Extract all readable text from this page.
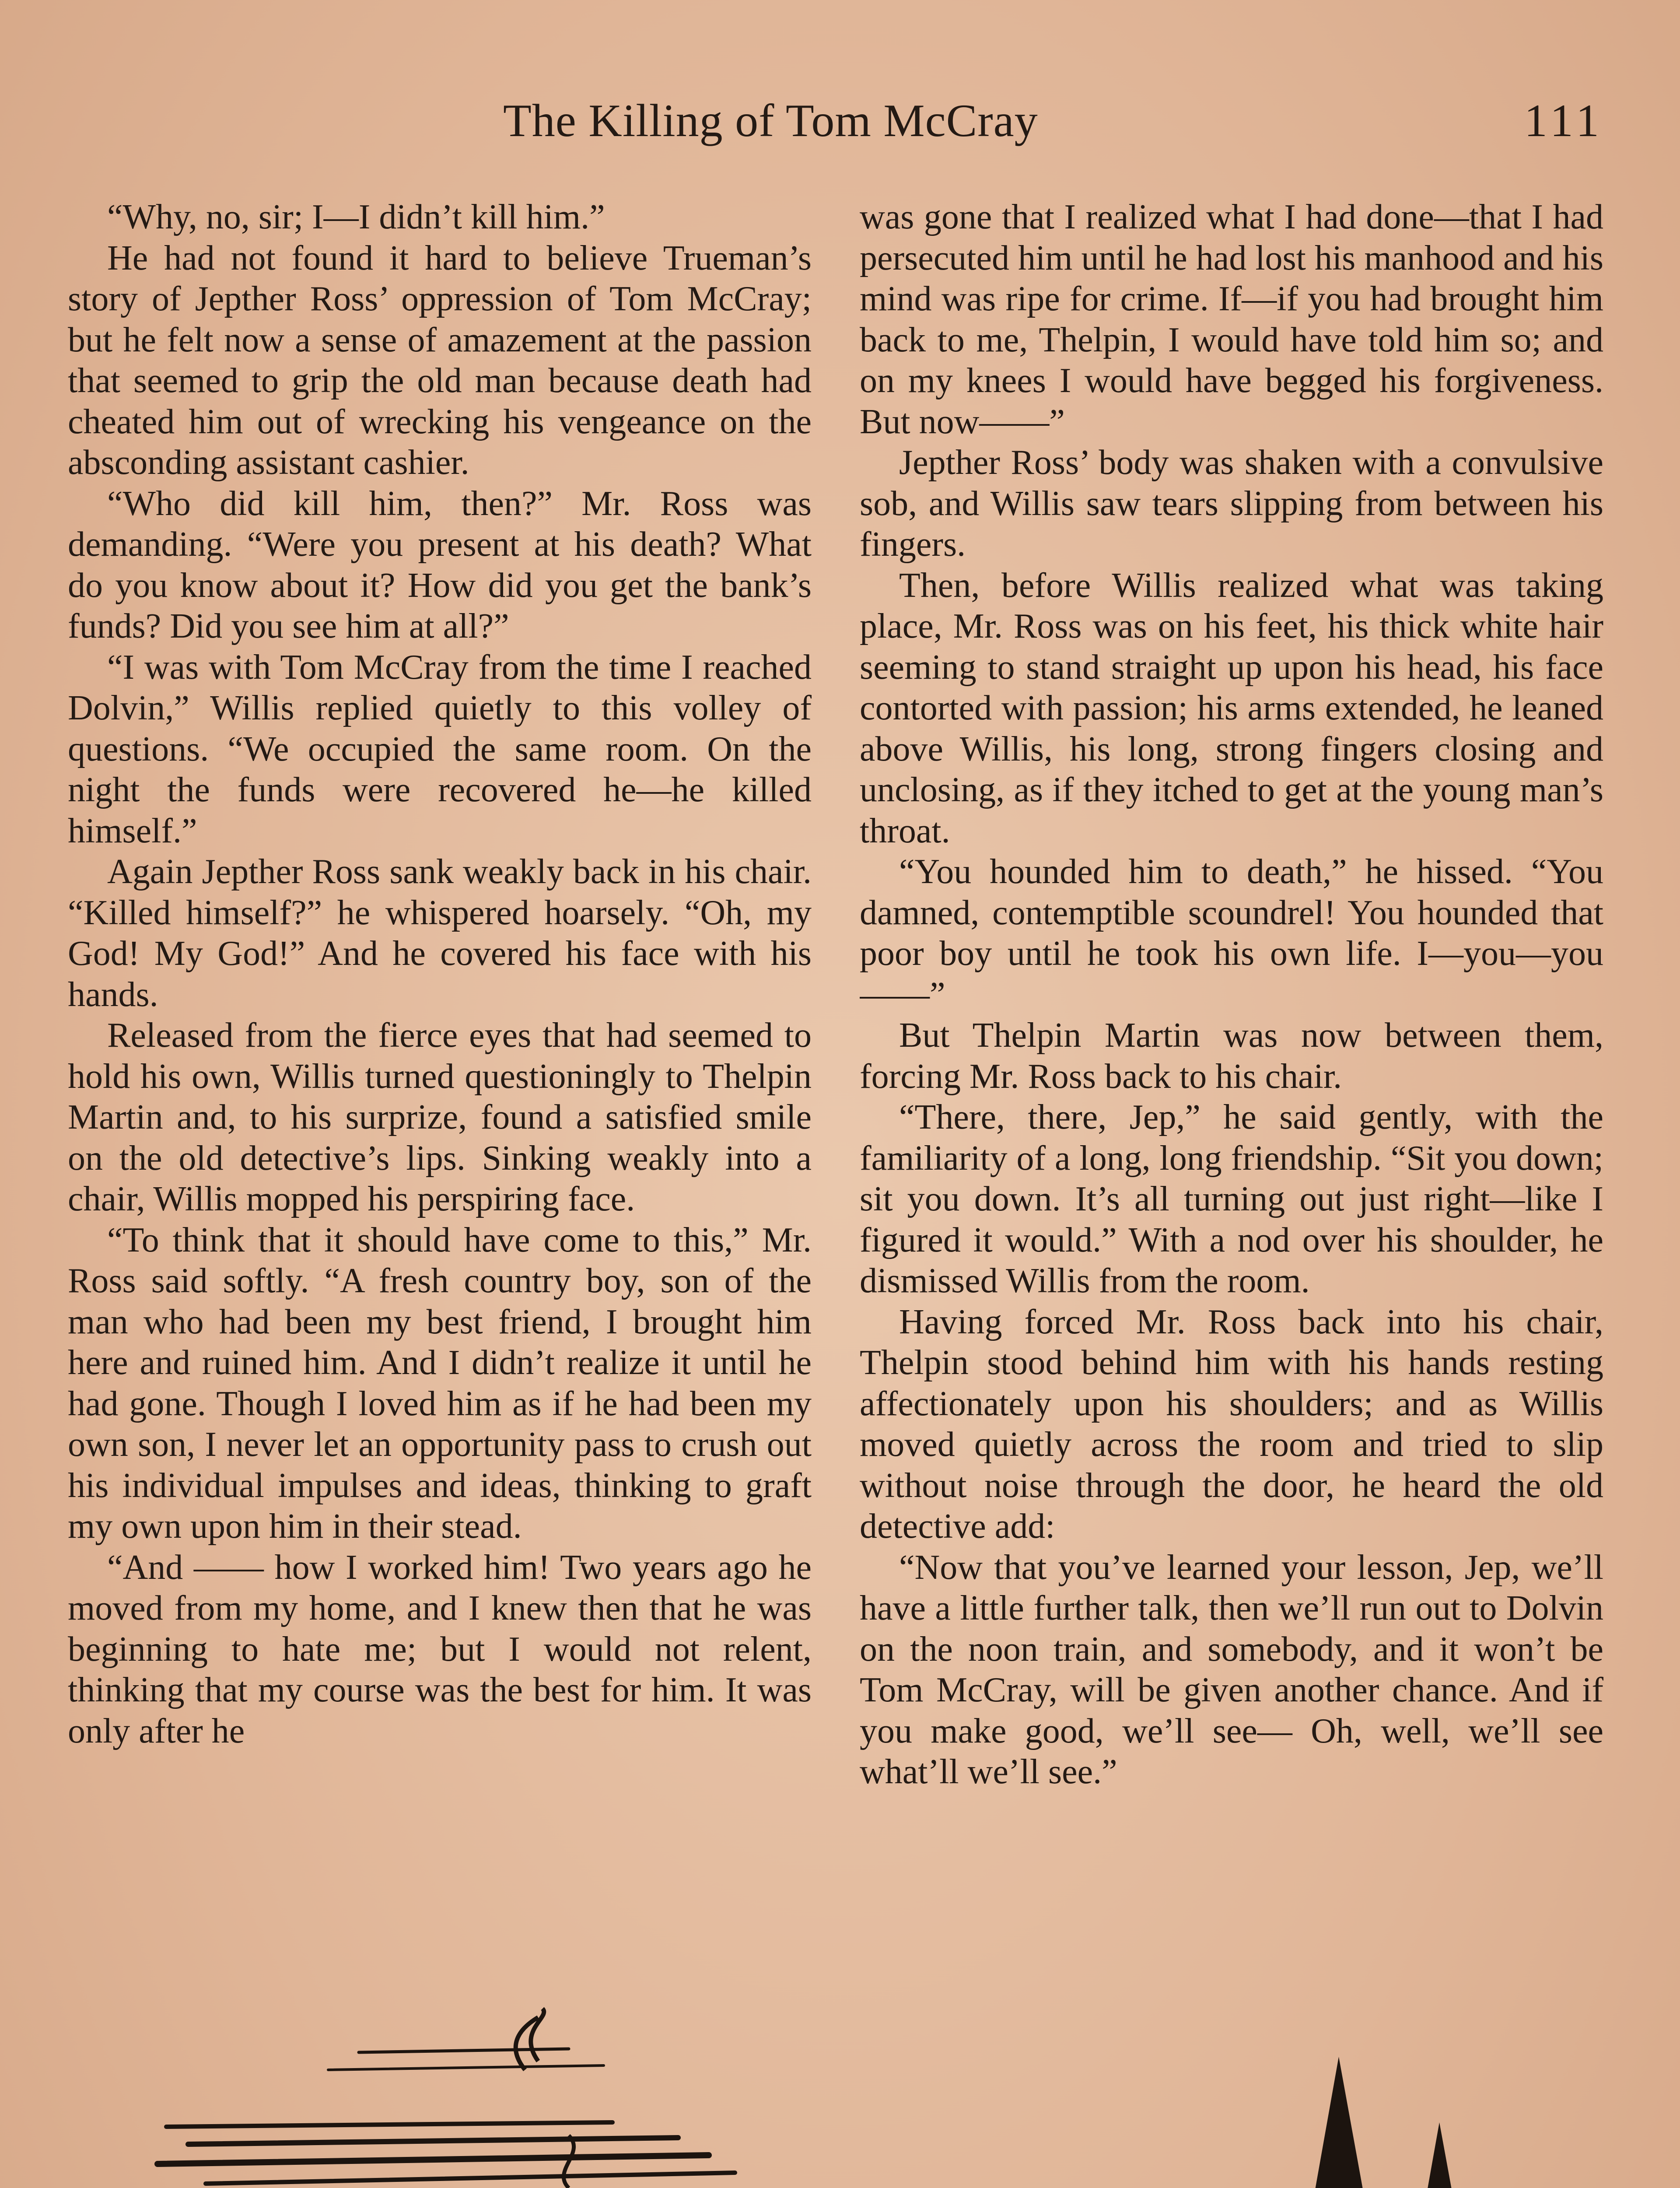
The Killing of Tom McCray	111

“Why, no, sir; I—I didn’t kill him.”

He had not found it hard to believe Trueman’s story of Jepther Ross’ oppression of Tom McCray; but he felt now a sense of amazement at the passion that seemed to grip the old man because death had cheated him out of wrecking his vengeance on the absconding assistant cashier.

“Who did kill him, then?” Mr. Ross was demanding. “Were you present at his death? What do you know about it? How did you get the bank’s funds? Did you see him at all?”

“I was with Tom McCray from the time I reached Dolvin,” Willis replied quietly to this volley of questions. “We occupied the same room. On the night the funds were recovered he—he killed himself.”

Again Jepther Ross sank weakly back in his chair. “Killed himself?” he whispered hoarsely. “Oh, my God! My God!” And he covered his face with his hands.

Released from the fierce eyes that had seemed to hold his own, Willis turned questioningly to Thelpin Martin and, to his surprize, found a satisfied smile on the old detective’s lips. Sinking weakly into a chair, Willis mopped his perspiring face.

“To think that it should have come to this,” Mr. Ross said softly. “A fresh country boy, son of the man who had been my best friend, I brought him here and ruined him. And I didn’t realize it until he had gone. Though I loved him as if he had been my own son, I never let an opportunity pass to crush out his individual impulses and ideas, thinking to graft my own upon him in their stead.

“And —— how I worked him! Two years ago he moved from my home, and I knew then that he was beginning to hate me; but I would not relent, thinking that my course was the best for him. It was only after he

was gone that I realized what I had done—that I had persecuted him until he had lost his manhood and his mind was ripe for crime. If—if you had brought him back to me, Thelpin, I would have told him so; and on my knees I would have begged his forgiveness. But now——”

Jepther Ross’ body was shaken with a convulsive sob, and Willis saw tears slipping from between his fingers.

Then, before Willis realized what was taking place, Mr. Ross was on his feet, his thick white hair seeming to stand straight up upon his head, his face contorted with passion; his arms extended, he leaned above Willis, his long, strong fingers closing and unclosing, as if they itched to get at the young man’s throat.

“You hounded him to death,” he hissed. “You damned, contemptible scoundrel! You hounded that poor boy until he took his own life. I—you—you——”

But Thelpin Martin was now between them, forcing Mr. Ross back to his chair.

“There, there, Jep,” he said gently, with the familiarity of a long, long friendship. “Sit you down; sit you down. It’s all turning out just right—like I figured it would.” With a nod over his shoulder, he dismissed Willis from the room.

Having forced Mr. Ross back into his chair, Thelpin stood behind him with his hands resting affectionately upon his shoulders; and as Willis moved quietly across the room and tried to slip without noise through the door, he heard the old detective add:

“Now that you’ve learned your lesson, Jep, we’ll have a little further talk, then we’ll run out to Dolvin on the noon train, and somebody, and it won’t be Tom McCray, will be given another chance. And if you make good, we’ll see— Oh, well, we’ll see what’ll we’ll see.”
